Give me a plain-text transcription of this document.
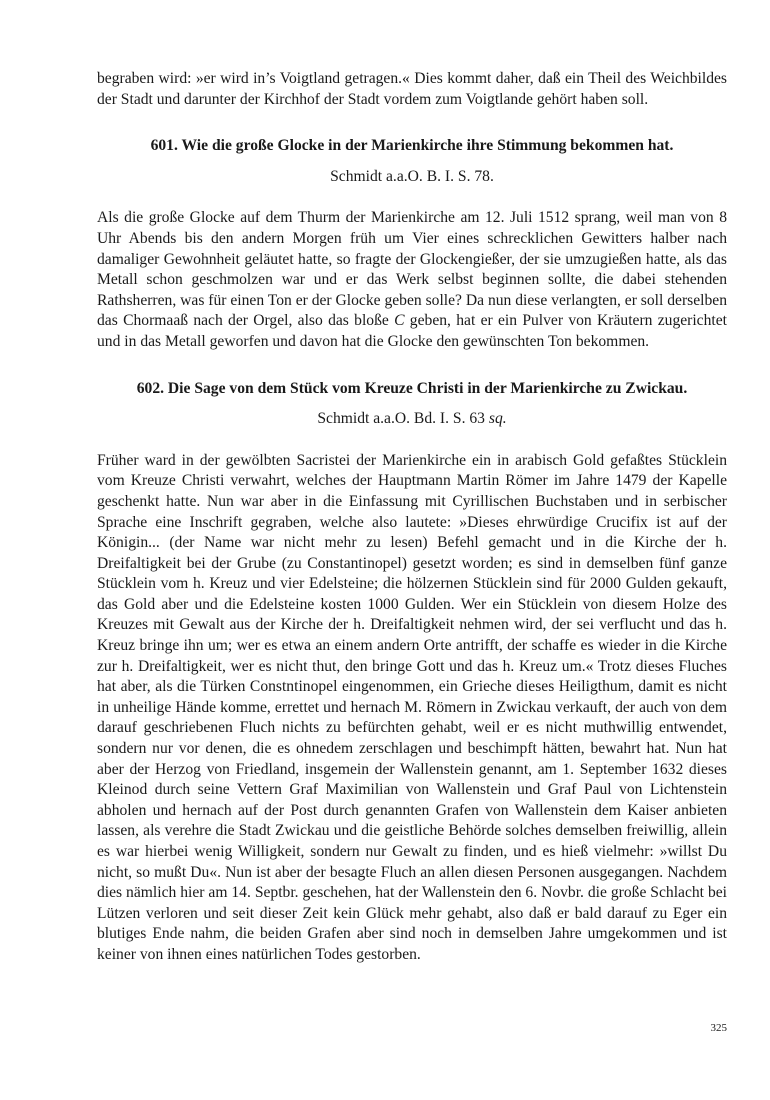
begraben wird: »er wird in’s Voigtland getragen.« Dies kommt daher, daß ein Theil des Weichbildes der Stadt und darunter der Kirchhof der Stadt vordem zum Voigtlande gehört haben soll.

601. Wie die große Glocke in der Marienkirche ihre Stimmung bekommen hat.

Schmidt a.a.O. B. I. S. 78.

Als die große Glocke auf dem Thurm der Marienkirche am 12. Juli 1512 sprang, weil man von 8 Uhr Abends bis den andern Morgen früh um Vier eines schrecklichen Gewitters halber nach damaliger Gewohnheit geläutet hatte, so fragte der Glockengießer, der sie umzugießen hatte, als das Metall schon geschmolzen war und er das Werk selbst beginnen sollte, die dabei stehenden Rathsherren, was für einen Ton er der Glocke geben solle? Da nun diese verlangten, er soll derselben das Chormaaß nach der Orgel, also das bloße C geben, hat er ein Pulver von Kräutern zugerichtet und in das Metall geworfen und davon hat die Glocke den gewünschten Ton bekommen.

602. Die Sage von dem Stück vom Kreuze Christi in der Marienkirche zu Zwickau.

Schmidt a.a.O. Bd. I. S. 63 sq.

Früher ward in der gewölbten Sacristei der Marienkirche ein in arabisch Gold gefaßtes Stücklein vom Kreuze Christi verwahrt, welches der Hauptmann Martin Römer im Jahre 1479 der Kapelle geschenkt hatte. Nun war aber in die Einfassung mit Cyrillischen Buchstaben und in serbischer Sprache eine Inschrift gegraben, welche also lautete: »Dieses ehrwürdige Crucifix ist auf der Königin... (der Name war nicht mehr zu lesen) Befehl gemacht und in die Kirche der h. Dreifaltigkeit bei der Grube (zu Constantinopel) gesetzt worden; es sind in demselben fünf ganze Stücklein vom h. Kreuz und vier Edelsteine; die hölzernen Stücklein sind für 2000 Gulden gekauft, das Gold aber und die Edelsteine kosten 1000 Gulden. Wer ein Stücklein von diesem Holze des Kreuzes mit Gewalt aus der Kirche der h. Dreifaltigkeit nehmen wird, der sei verflucht und das h. Kreuz bringe ihn um; wer es etwa an einem andern Orte antrifft, der schaffe es wieder in die Kirche zur h. Dreifaltigkeit, wer es nicht thut, den bringe Gott und das h. Kreuz um.« Trotz dieses Fluches hat aber, als die Türken Constntinopel eingenommen, ein Grieche dieses Heiligthum, damit es nicht in unheilige Hände komme, errettet und hernach M. Römern in Zwickau verkauft, der auch von dem darauf geschriebenen Fluch nichts zu befürchten gehabt, weil er es nicht muthwillig entwendet, sondern nur vor denen, die es ohnedem zerschlagen und beschimpft hätten, bewahrt hat. Nun hat aber der Herzog von Friedland, insgemein der Wallenstein genannt, am 1. September 1632 dieses Kleinod durch seine Vettern Graf Maximilian von Wallenstein und Graf Paul von Lichtenstein abholen und hernach auf der Post durch genannten Grafen von Wallenstein dem Kaiser anbieten lassen, als verehre die Stadt Zwickau und die geistliche Behörde solches demselben freiwillig, allein es war hierbei wenig Willigkeit, sondern nur Gewalt zu finden, und es hieß vielmehr: »willst Du nicht, so mußt Du«. Nun ist aber der besagte Fluch an allen diesen Personen ausgegangen. Nachdem dies nämlich hier am 14. Septbr. geschehen, hat der Wallenstein den 6. Novbr. die große Schlacht bei Lützen verloren und seit dieser Zeit kein Glück mehr gehabt, also daß er bald darauf zu Eger ein blutiges Ende nahm, die beiden Grafen aber sind noch in demselben Jahre umgekommen und ist keiner von ihnen eines natürlichen Todes gestorben.

325
